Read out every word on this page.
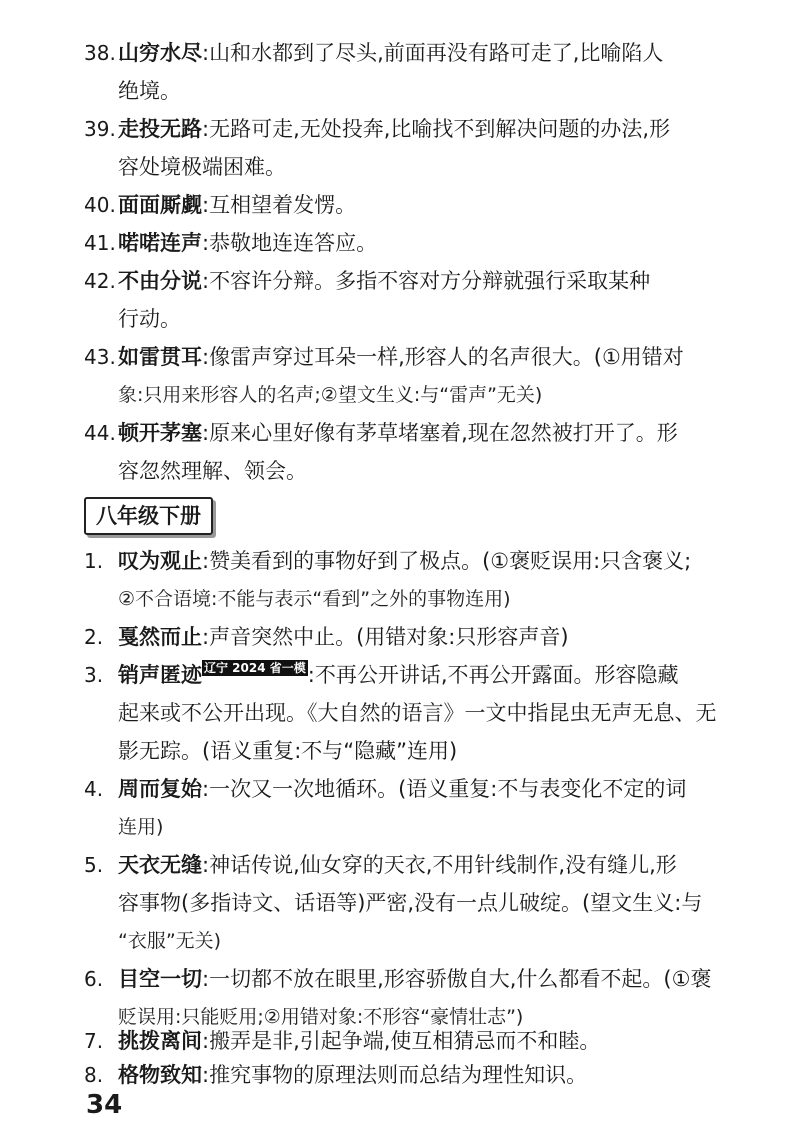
38. 山穷水尽:山和水都到了尽头,前面再没有路可走了,比喻陷人
绝境。
39. 走投无路:无路可走,无处投奔,比喻找不到解决问题的办法,形
容处境极端困难。
40. 面面厮觑:互相望着发愣。
41. 喏喏连声:恭敬地连连答应。
42. 不由分说:不容许分辩。多指不容对方分辩就强行采取某种
行动。
43. 如雷贯耳:像雷声穿过耳朵一样,形容人的名声很大。(①用错对
象:只用来形容人的名声;②望文生义:与“雷声”无关)
44. 顿开茅塞:原来心里好像有茅草堵塞着,现在忽然被打开了。形
容忽然理解、领会。
八年级下册
1. 叹为观止:赞美看到的事物好到了极点。(①褒贬误用:只含褒义;
②不合语境:不能与表示“看到”之外的事物连用)
2. 戛然而止:声音突然中止。(用错对象:只形容声音)
3. 销声匿迹 辽宁 2024 省一模:不再公开讲话,不再公开露面。形容隐藏
起来或不公开出现。《大自然的语言》一文中指昆虫无声无息、无
影无踪。(语义重复:不与“隐藏”连用)
4. 周而复始:一次又一次地循环。(语义重复:不与表变化不定的词
连用)
5. 天衣无缝:神话传说,仙女穿的天衣,不用针线制作,没有缝儿,形
容事物(多指诗文、话语等)严密,没有一点儿破绽。(望文生义:与
“衣服”无关)
6. 目空一切:一切都不放在眼里,形容骄傲自大,什么都看不起。(①褒
贬误用:只能贬用;②用错对象:不形容“豪情壮志”)
7. 挑拨离间:搬弄是非,引起争端,使互相猜忌而不和睦。
8. 格物致知:推究事物的原理法则而总结为理性知识。
34
